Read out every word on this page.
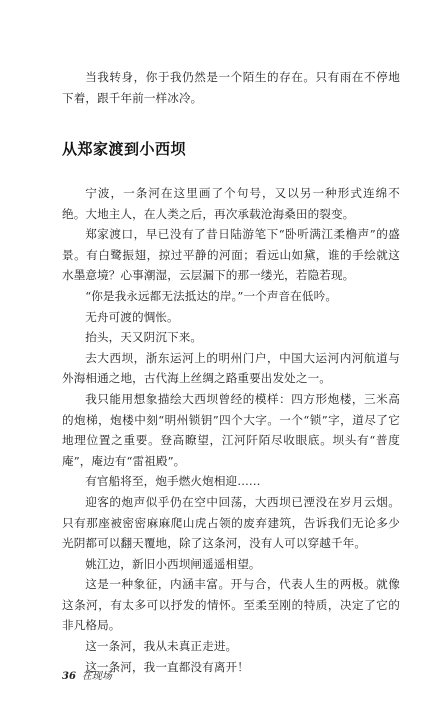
当我转身，你于我仍然是一个陌生的存在。只有雨在不停地下着，跟千年前一样冰冷。

从郑家渡到小西坝

宁波，一条河在这里画了个句号，又以另一种形式连绵不绝。大地主人，在人类之后，再次承载沧海桑田的裂变。

郑家渡口，早已没有了昔日陆游笔下“卧听满江柔橹声”的盛景。有白鹭振翅，掠过平静的河面；看远山如黛，谁的手绘就这水墨意境？心事潮湿，云层漏下的那一缕光，若隐若现。

“你是我永远都无法抵达的岸。”一个声音在低吟。

无舟可渡的惆怅。

抬头，天又阴沉下来。

去大西坝，浙东运河上的明州门户，中国大运河内河航道与外海相通之地，古代海上丝绸之路重要出发处之一。

我只能用想象描绘大西坝曾经的模样：四方形炮楼，三米高的炮梯，炮楼中刻“明州锁钥”四个大字。一个“锁”字，道尽了它地理位置之重要。登高瞭望，江河阡陌尽收眼底。坝头有“普度庵”，庵边有“雷祖殿”。

有官船将至，炮手燃火炮相迎……

迎客的炮声似乎仍在空中回荡，大西坝已湮没在岁月云烟。只有那座被密密麻麻爬山虎占领的废弃建筑，告诉我们无论多少光阴都可以翻天覆地，除了这条河，没有人可以穿越千年。

姚江边，新旧小西坝闸遥遥相望。

这是一种象征，内涵丰富。开与合，代表人生的两极。就像这条河，有太多可以抒发的情怀。至柔至刚的特质，决定了它的非凡格局。

这一条河，我从未真正走进。

这一条河，我一直都没有离开！

36 在现场
